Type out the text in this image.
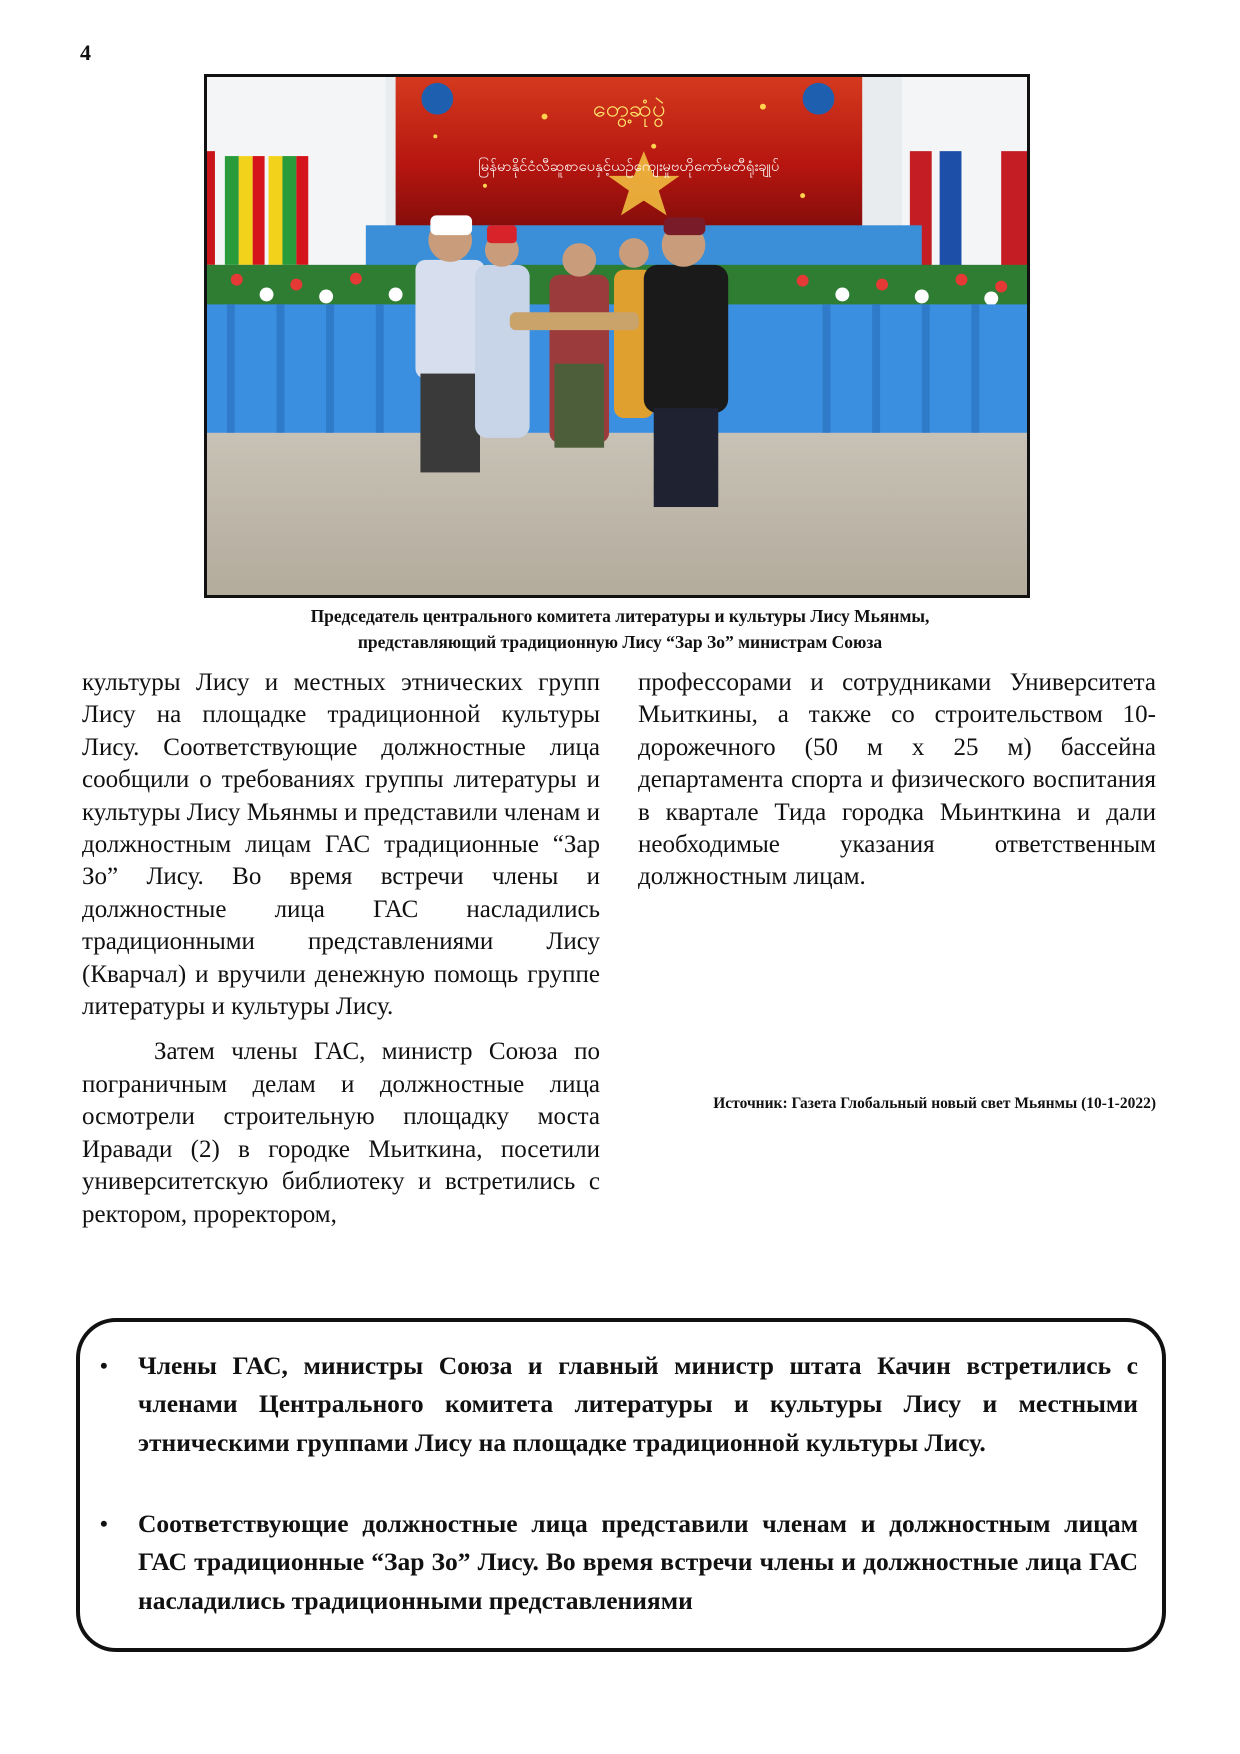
4
တွေ့ဆုံပွဲ
မြန်မာနိုင်ငံလီဆူစာပေနှင့်ယဉ်ကျေးမှုဗဟိုကော်မတီရုံးချုပ်
Председатель центрального комитета литературы и культуры Лису Мьянмы,
представляющий традиционную Лису “Зар Зо” министрам Союза

культуры Лису и местных этнических групп Лису на площадке традиционной культуры Лису. Соответствующие должностные лица сообщили о требованиях группы литературы и культуры Лису Мьянмы и представили членам и должностным лицам ГАС традиционные “Зар Зо” Лису. Во время встречи члены и должностные лица ГАС насладились традиционными представлениями Лису (Кварчал) и вручили денежную помощь группе литературы и культуры Лису.

Затем члены ГАС, министр Союза по пограничным делам и должностные лица осмотрели строительную площадку моста Иравади (2) в городке Мьиткина, посетили университетскую библиотеку и встретились с ректором, проректором,

профессорами и сотрудниками Университета Мьиткины, а также со строительством 10- дорожечного (50 м х 25 м) бассейна департамента спорта и физического воспитания в квартале Тида городка Мьинткина и дали необходимые указания ответственным должностным лицам.

Источник: Газета Глобальный новый свет Мьянмы (10-1-2022)
• Члены ГАС, министры Союза и главный министр штата Качин встретились с членами Центрального комитета литературы и культуры Лису и местными этническими группами Лису на площадке традиционной культуры Лису.
• Соответствующие должностные лица представили членам и должностным лицам ГАС традиционные “Зар Зо” Лису. Во время встречи члены и должностные лица ГАС насладились традиционными представлениями
